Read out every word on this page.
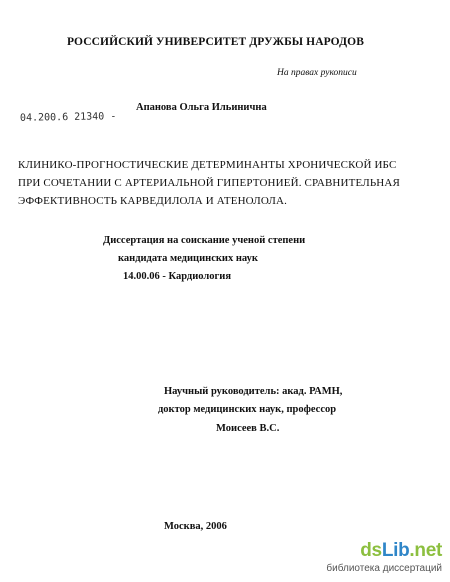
РОССИЙСКИЙ УНИВЕРСИТЕТ ДРУЖБЫ НАРОДОВ
На правах рукописи
04.200.6 21340 -
Апанова Ольга Ильинична
КЛИНИКО-ПРОГНОСТИЧЕСКИЕ ДЕТЕРМИНАНТЫ ХРОНИЧЕСКОЙ ИБС
ПРИ СОЧЕТАНИИ С АРТЕРИАЛЬНОЙ ГИПЕРТОНИЕЙ. СРАВНИТЕЛЬНАЯ
ЭФФЕКТИВНОСТЬ КАРВЕДИЛОЛА И АТЕНОЛОЛА.
Диссертация на соискание ученой степени
кандидата медицинских наук
14.00.06 - Кардиология
Научный руководитель: акад. РАМН,
доктор медицинских наук, профессор
Моисеев В.С.
Москва, 2006
dsLib.net
библиотека диссертаций
